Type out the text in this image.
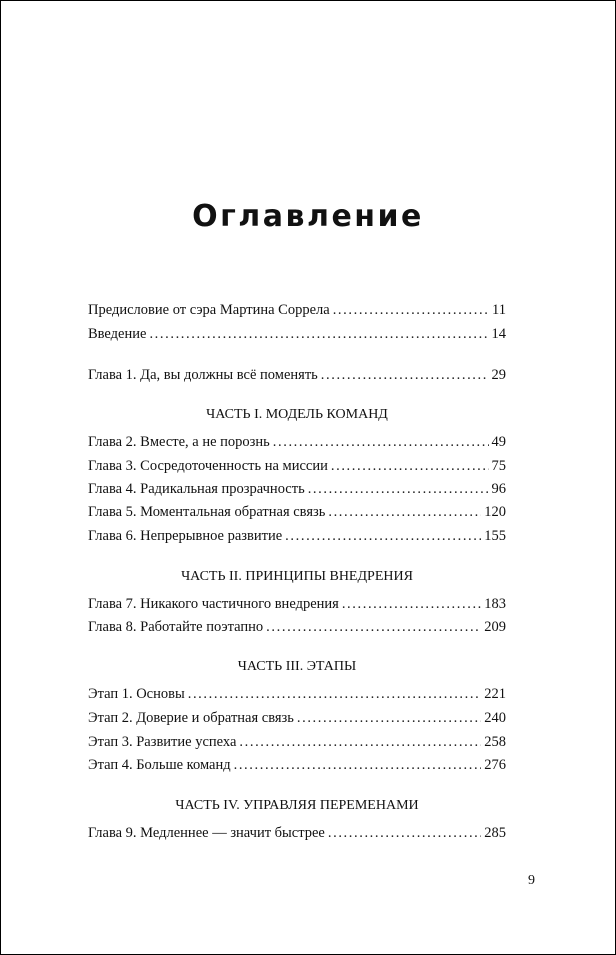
Оглавление
Предисловие от сэра Мартина Соррела .....	11
Введение .....	14
Глава 1. Да, вы должны всё поменять .....	29
ЧАСТЬ I. МОДЕЛЬ КОМАНД
Глава 2. Вместе, а не порознь .....	49
Глава 3. Сосредоточенность на миссии .....	75
Глава 4. Радикальная прозрачность .....	96
Глава 5. Моментальная обратная связь .....	120
Глава 6. Непрерывное развитие .....	155
ЧАСТЬ II. ПРИНЦИПЫ ВНЕДРЕНИЯ
Глава 7. Никакого частичного внедрения .....	183
Глава 8. Работайте поэтапно .....	209
ЧАСТЬ III. ЭТАПЫ
Этап 1. Основы .....	221
Этап 2. Доверие и обратная связь .....	240
Этап 3. Развитие успеха .....	258
Этап 4. Больше команд .....	276
ЧАСТЬ IV. УПРАВЛЯЯ ПЕРЕМЕНАМИ
Глава 9. Медленнее — значит быстрее .....	285
9
